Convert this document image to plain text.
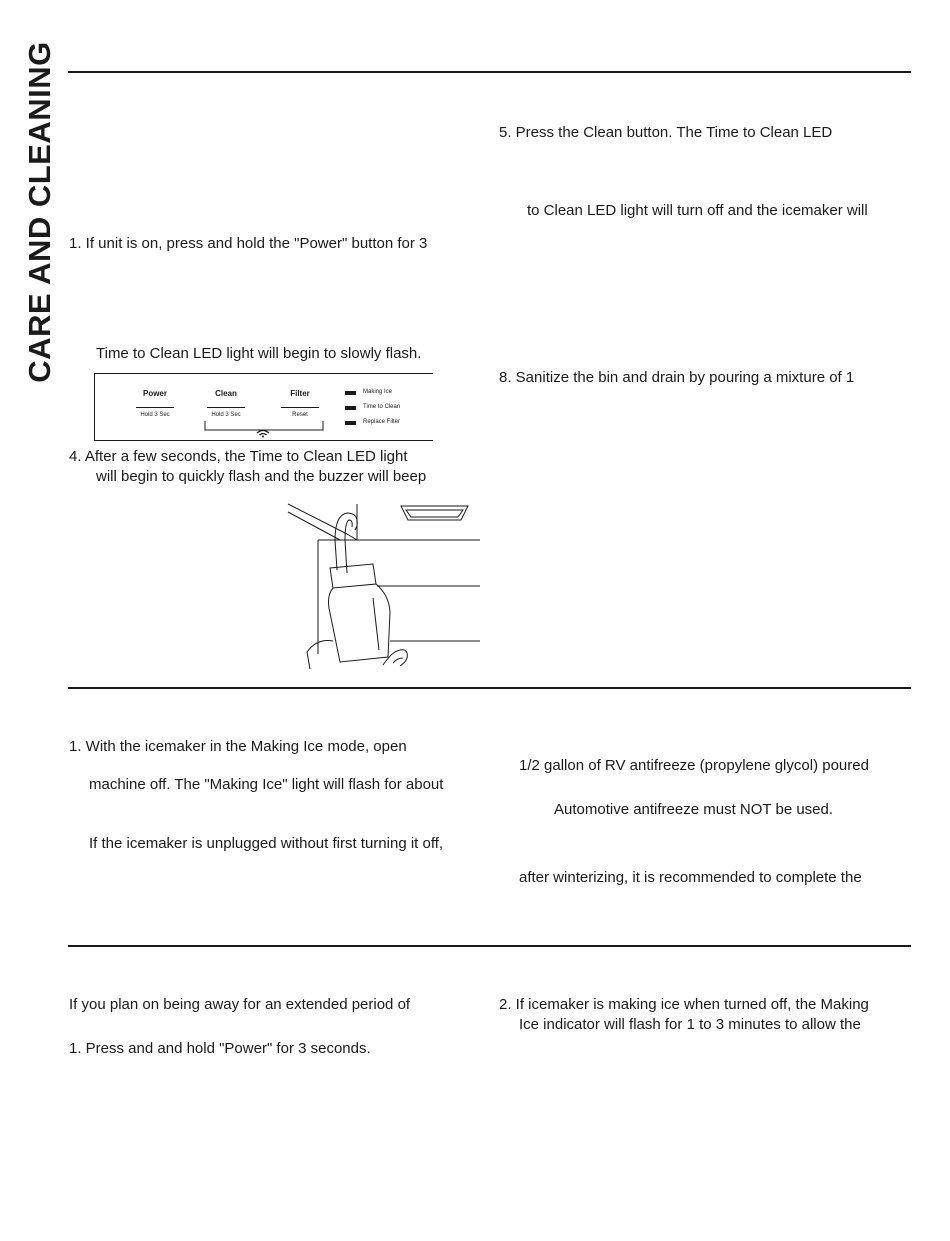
CARE AND CLEANING 1. If unit is on, press and hold the "Power" button for 3
Time to Clean LED light will begin to slowly flash.
Power
Hold 3 Sec
Clean
Hold 3 Sec
Filter
Reset
Making Ice
Time to Clean
Replace Filter
4. After a few seconds, the Time to Clean LED light
will begin to quickly flash and the buzzer will beep
5. Press the Clean button. The Time to Clean LED
to Clean LED light will turn off and the icemaker will
8. Sanitize the bin and drain by pouring a mixture of 1
1. With the icemaker in the Making Ice mode, open
machine off. The "Making Ice" light will flash for about
If the icemaker is unplugged without first turning it off,
1/2 gallon of RV antifreeze (propylene glycol) poured
Automotive antifreeze must NOT be used.
after winterizing, it is recommended to complete the
If you plan on being away for an extended period of
1. Press and and hold "Power" for 3 seconds.
2. If icemaker is making ice when turned off, the Making
Ice indicator will flash for 1 to 3 minutes to allow the
